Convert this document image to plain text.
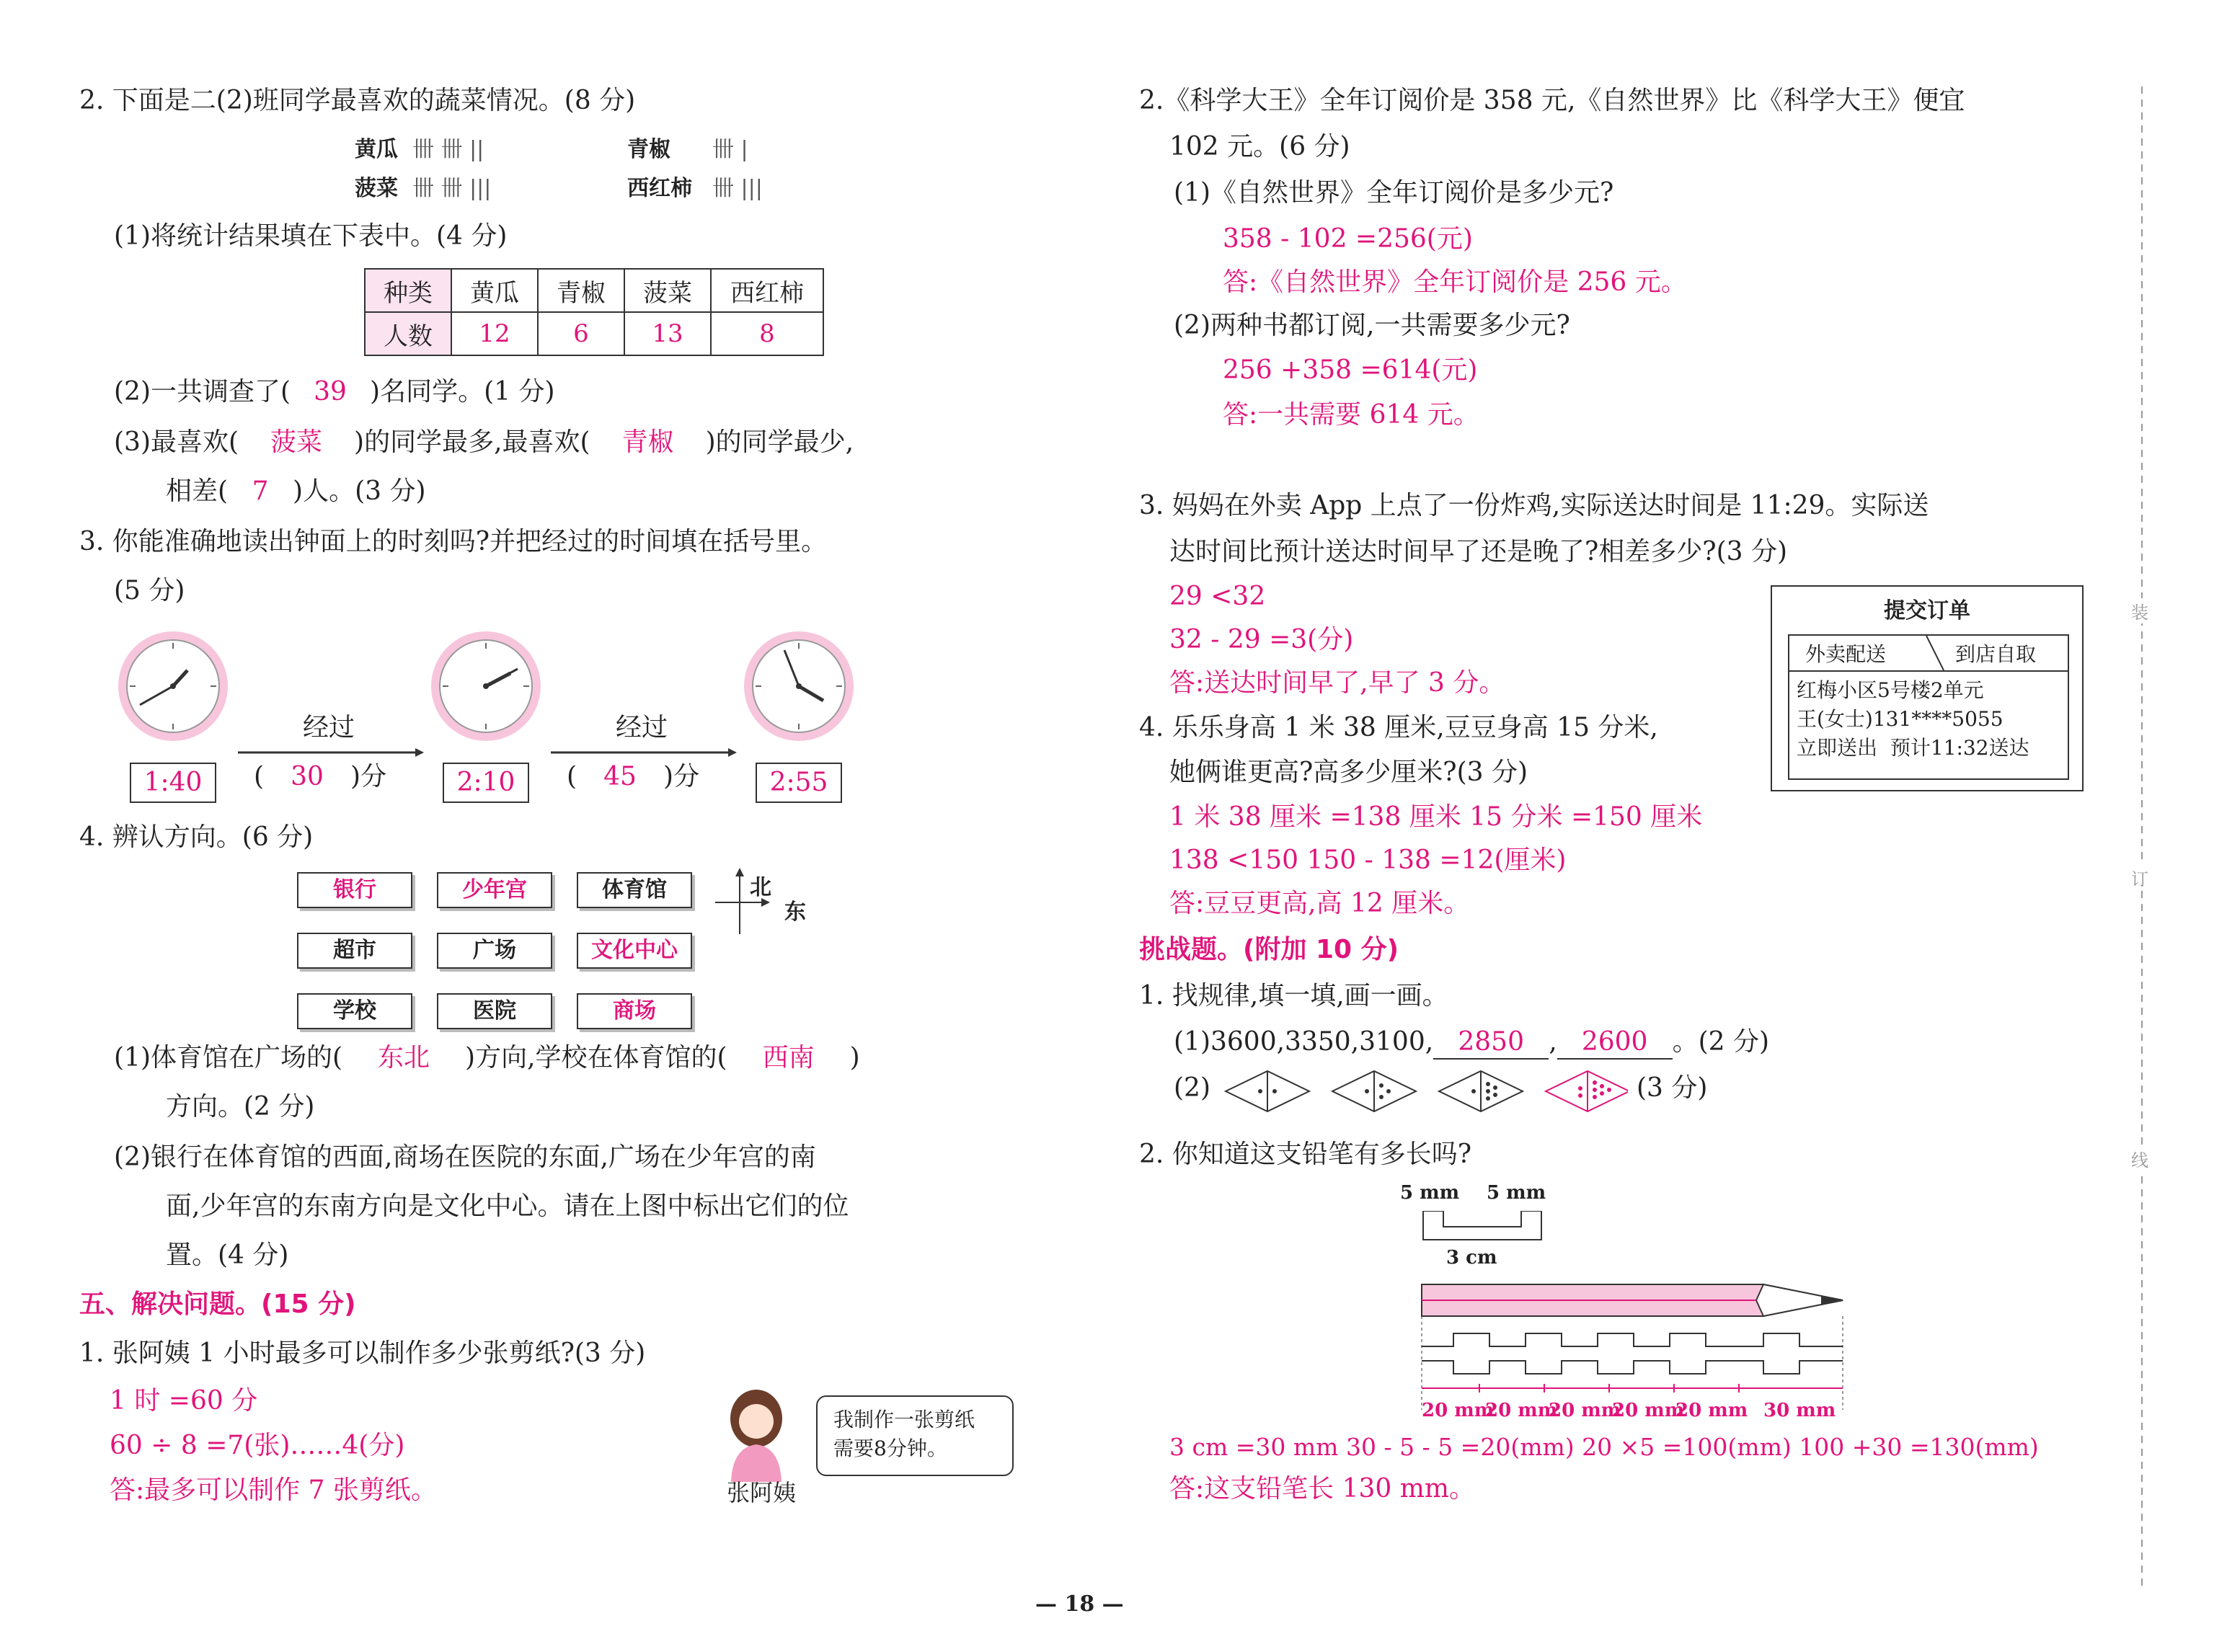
2. 下面是二(2)班同学最喜欢的蔬菜情况。(8 分)
黄瓜 卌 卌 ||	青椒 卌 |
菠菜 卌 卌 |||	西红柿 卌 |||
(1)将统计结果填在下表中。(4 分)
种类	黄瓜	青椒	菠菜	西红柿
人数	12	6	13	8
(2)一共调查了( 39 )名同学。(1 分)
(3)最喜欢( 菠菜 )的同学最多,最喜欢( 青椒 )的同学最少,
相差( 7 )人。(3 分)
3. 你能准确地读出钟面上的时刻吗?并把经过的时间填在括号里。
(5 分)
1:40	2:10	2:55
经过
( 30 )分
经过
( 45 )分
4. 辨认方向。(6 分)
银行	少年宫	体育馆
超市	广场	文化中心
学校	医院	商场
北
东
(1)体育馆在广场的( 东北 )方向,学校在体育馆的( 西南 )
方向。(2 分)
(2)银行在体育馆的西面,商场在医院的东面,广场在少年宫的南
面,少年宫的东南方向是文化中心。请在上图中标出它们的位
置。(4 分)
五、解决问题。(15 分)
1. 张阿姨 1 小时最多可以制作多少张剪纸?(3 分)
1 时 =60 分
60 ÷ 8 =7(张)……4(分)
答:最多可以制作 7 张剪纸。
我制作一张剪纸
需要8分钟。
张阿姨
2.《科学大王》全年订阅价是 358 元,《自然世界》比《科学大王》便宜
102 元。(6 分)
(1)《自然世界》全年订阅价是多少元?
358 - 102 =256(元)
答:《自然世界》全年订阅价是 256 元。
(2)两种书都订阅,一共需要多少元?
256 +358 =614(元)
答:一共需要 614 元。
3. 妈妈在外卖 App 上点了一份炸鸡,实际送达时间是 11:29。实际送
达时间比预计送达时间早了还是晚了?相差多少?(3 分)
29 <32
32 - 29 =3(分)
答:送达时间早了,早了 3 分。
提交订单
外卖配送	到店自取
红梅小区5号楼2单元
王(女士)131****5055
立即送出 预计11:32送达
4. 乐乐身高 1 米 38 厘米,豆豆身高 15 分米,
她俩谁更高?高多少厘米?(3 分)
1 米 38 厘米 =138 厘米 15 分米 =150 厘米
138 <150 150 - 138 =12(厘米)
答:豆豆更高,高 12 厘米。
挑战题。(附加 10 分)
1. 找规律,填一填,画一画。
(1)3600,3350,3100, 2850 , 2600 。(2 分)
(2)	(3 分)
2. 你知道这支铅笔有多长吗?
5 mm 5 mm
3 cm
20 mm
20 mm
20 mm
20 mm
20 mm 30 mm
3 cm =30 mm 30 - 5 - 5 =20(mm) 20 ×5 =100(mm) 100 +30 =130(mm)
答:这支铅笔长 130 mm。
装
订
线
— 18 —
